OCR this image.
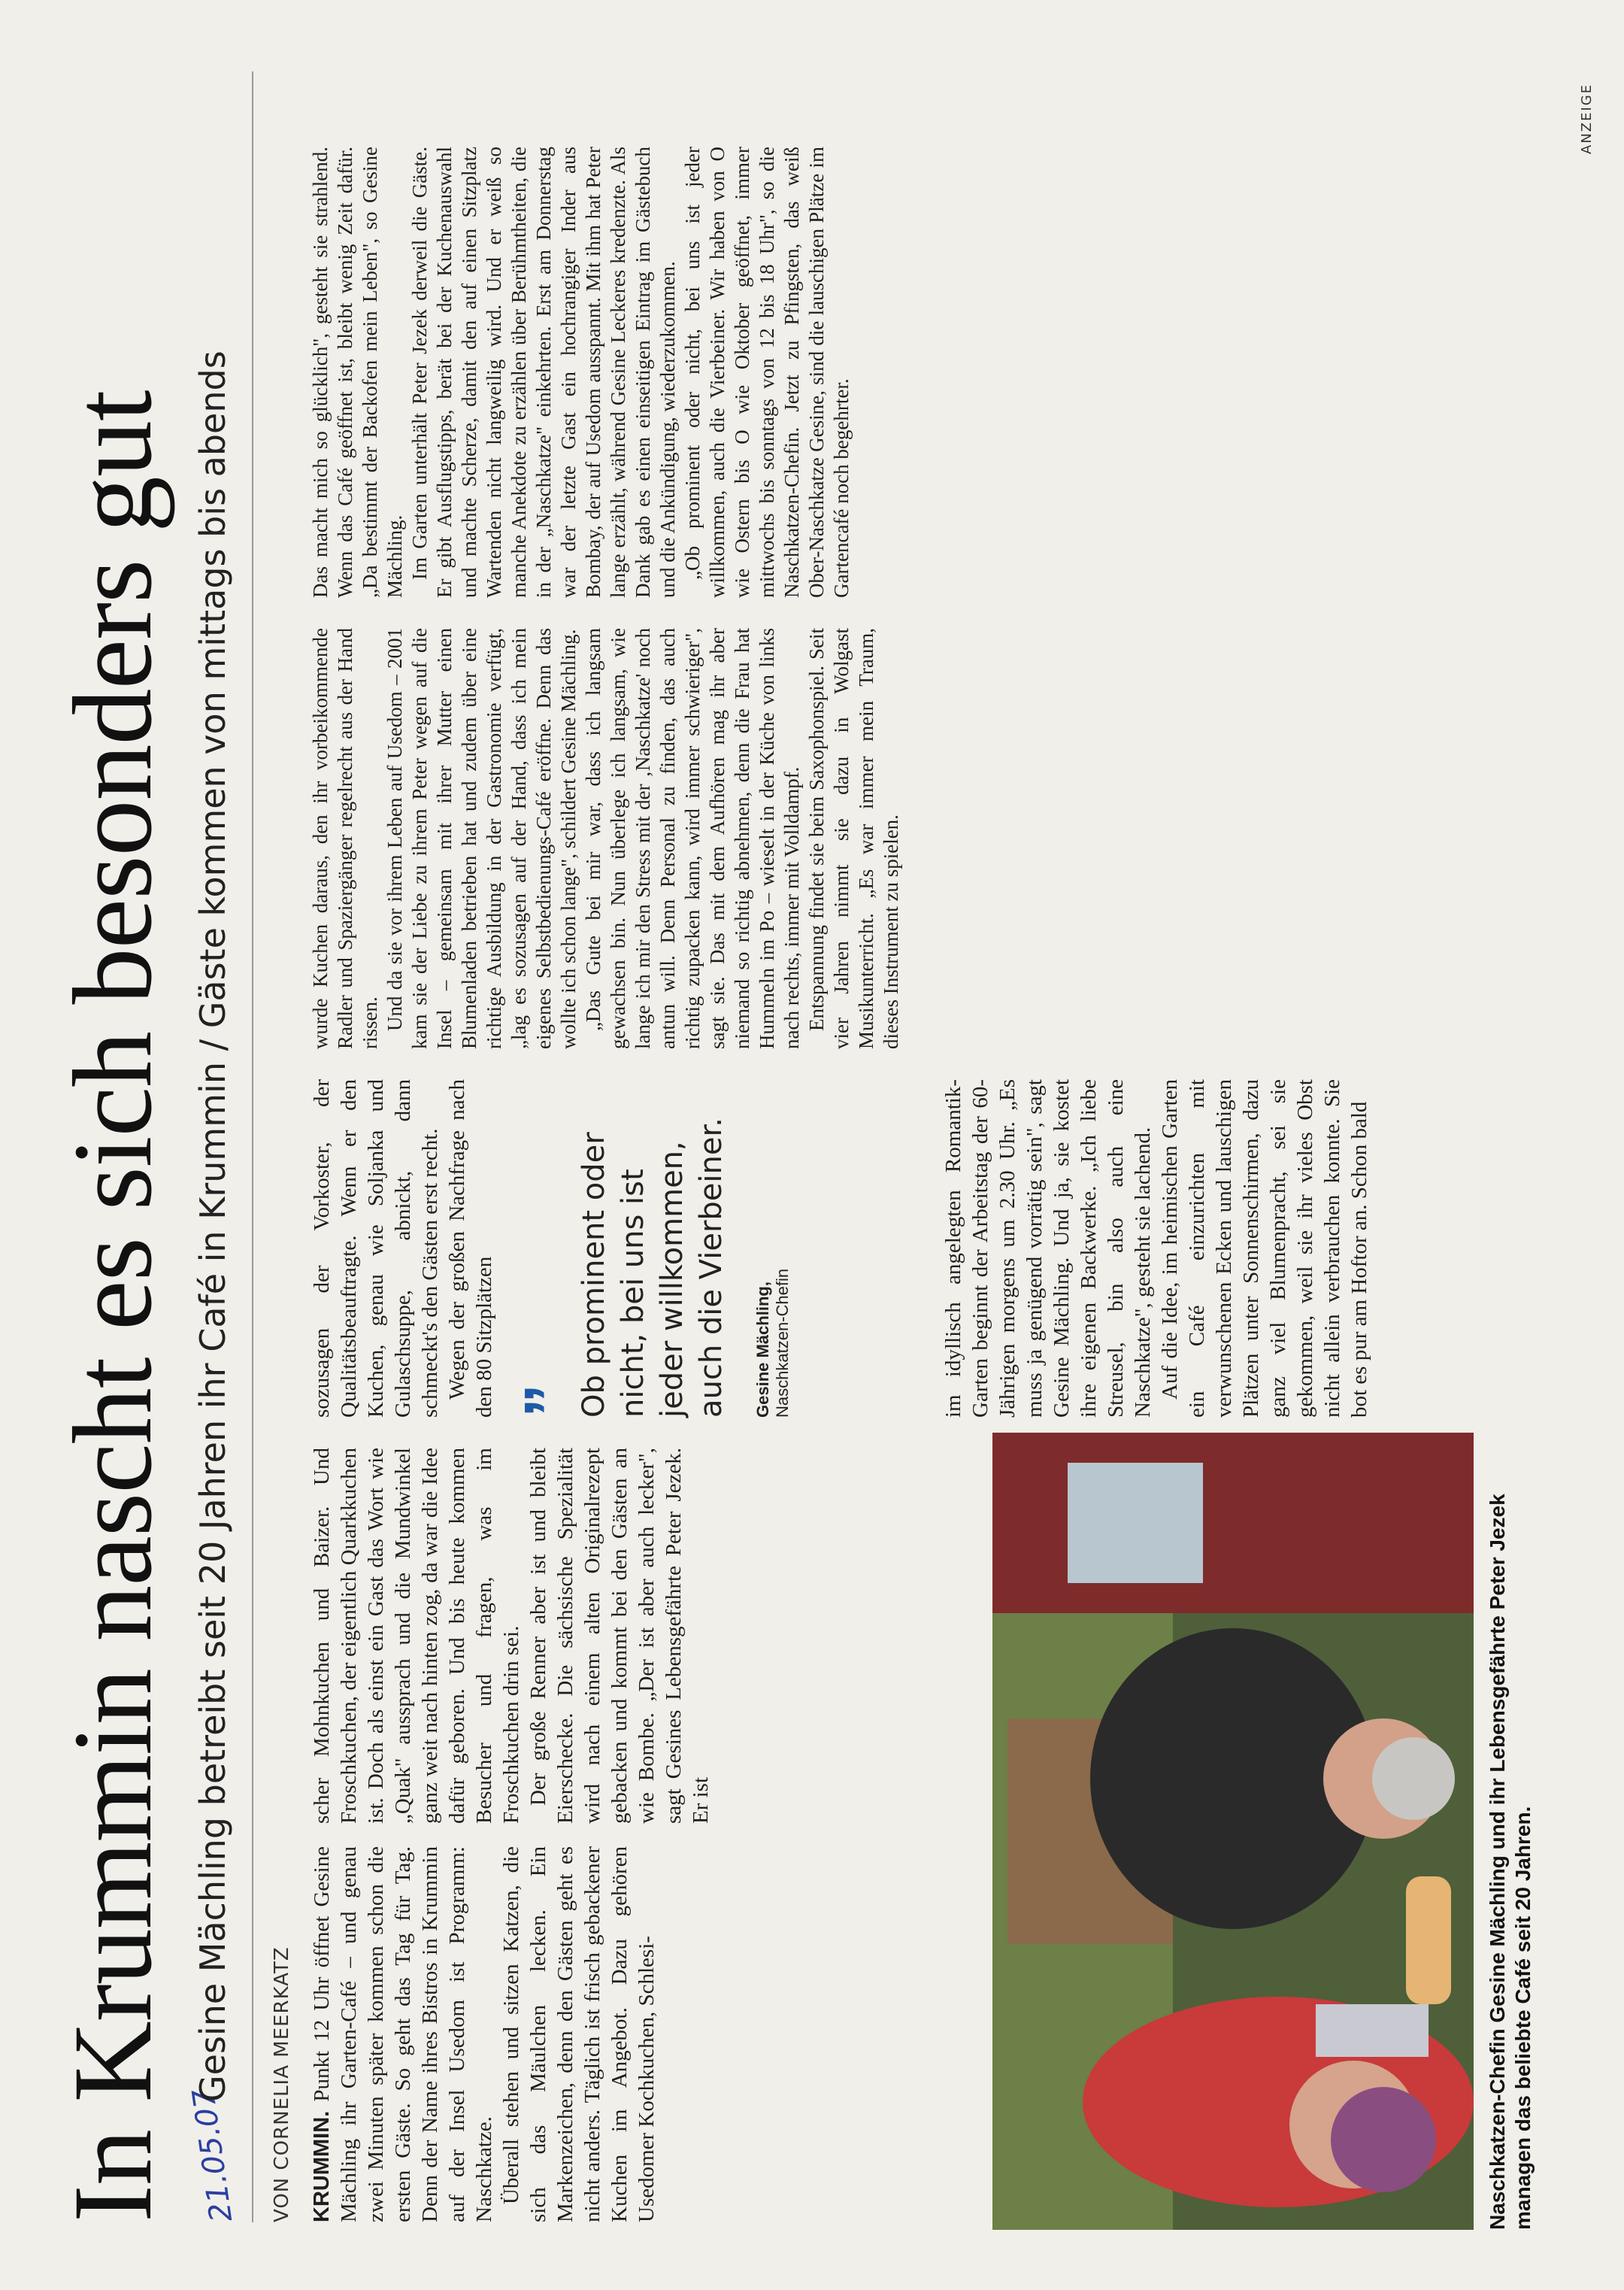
In Krummin nascht es sich besonders gut 21.05.07
Gesine Mächling betreibt seit 20 Jahren ihr Café in Krummin / Gäste kommen von mittags bis abends VON CORNELIA MEERKATZ KRUMMIN. Punkt 12 Uhr öffnet Gesine Mächling ihr Garten-Café – und genau zwei Minuten später kommen schon die ersten Gäste. So geht das Tag für Tag. Denn der Name ihres Bistros in Krummin auf der Insel Usedom ist Programm: Naschkatze. Überall stehen und sitzen Katzen, die sich das Mäulchen lecken. Ein Markenzeichen, denn den Gästen geht es nicht anders. Täglich ist frisch gebackener Kuchen im Angebot. Dazu gehören Usedomer Kochkuchen, Schlesi-

scher Mohnkuchen und Baizer. Und Froschkuchen, der eigentlich Quarkkuchen ist. Doch als einst ein Gast das Wort wie „Quak" aussprach und die Mundwinkel ganz weit nach hinten zog, da war die Idee dafür geboren. Und bis heute kommen Besucher und fragen, was im Froschkuchen drin sei. Der große Renner aber ist und bleibt Eierschecke. Die sächsische Spezialität wird nach einem alten Originalrezept gebacken und kommt bei den Gästen an wie Bombe. „Der ist aber auch lecker", sagt Gesines Lebensgefährte Peter Jezek. Er ist

sozusagen der Vorkoster, der Qualitätsbeauftragte. Wenn er den Kuchen, genau wie Soljanka und Gulaschsuppe, abnickt, dann schmeckt's den Gästen erst recht. Wegen der großen Nachfrage nach den 80 Sitzplätzen ”
Ob prominent oder nicht, bei uns ist jeder willkommen, auch die Vierbeiner. Gesine Mächling, Naschkatzen-Chefin	im idyllisch angelegten Romantik-Garten beginnt der Arbeitstag der 60-Jährigen morgens um 2.30 Uhr. „Es muss ja genügend vorrätig sein", sagt Gesine Mächling. Und ja, sie kostet ihre eigenen Backwerke. „Ich liebe Streusel, bin also auch eine Naschkatze", gesteht sie lachend. Auf die Idee, im heimischen Garten ein Café einzurichten mit verwunschenen Ecken und lauschigen Plätzen unter Sonnenschirmen, dazu ganz viel Blumenpracht, sei sie gekommen, weil sie ihr vieles Obst nicht allein verbrauchen konnte. Sie bot es pur am Hoftor an. Schon bald

wurde Kuchen daraus, den ihr vorbeikommende Radler und Spaziergänger regelrecht aus der Hand rissen. Und da sie vor ihrem Leben auf Usedom – 2001 kam sie der Liebe zu ihrem Peter wegen auf die Insel – gemeinsam mit ihrer Mutter einen Blumenladen betrieben hat und zudem über eine richtige Ausbildung in der Gastronomie verfügt, „lag es sozusagen auf der Hand, dass ich mein eigenes Selbstbedienungs-Café eröffne. Denn das wollte ich schon lange", schildert Gesine Mächling. „Das Gute bei mir war, dass ich langsam gewachsen bin. Nun überlege ich langsam, wie lange ich mir den Stress mit der ‚Naschkatze' noch antun will. Denn Personal zu finden, das auch richtig zupacken kann, wird immer schwieriger", sagt sie. Das mit dem Aufhören mag ihr aber niemand so richtig abnehmen, denn die Frau hat Hummeln im Po – wieselt in der Küche von links nach rechts, immer mit Volldampf. Entspannung findet sie beim Saxophonspiel. Seit vier Jahren nimmt sie dazu in Wolgast Musikunterricht. „Es war immer mein Traum, dieses Instrument zu spielen.

Das macht mich so glücklich", gesteht sie strahlend. Wenn das Café geöffnet ist, bleibt wenig Zeit dafür. „Da bestimmt der Backofen mein Leben", so Gesine Mächling. Im Garten unterhält Peter Jezek derweil die Gäste. Er gibt Ausflugstipps, berät bei der Kuchenauswahl und machte Scherze, damit den auf einen Sitzplatz Wartenden nicht langweilig wird. Und er weiß so manche Anekdote zu erzählen über Berühmtheiten, die in der „Naschkatze" einkehrten. Erst am Donnerstag war der letzte Gast ein hochrangiger Inder aus Bombay, der auf Usedom ausspannt. Mit ihm hat Peter lange erzählt, während Gesine Leckeres kredenzte. Als Dank gab es einen einseitigen Eintrag im Gästebuch und die Ankündigung, wiederzukommen. „Ob prominent oder nicht, bei uns ist jeder willkommen, auch die Vierbeiner. Wir haben von O wie Ostern bis O wie Oktober geöffnet, immer mittwochs bis sonntags von 12 bis 18 Uhr", so die Naschkatzen-Chefin. Jetzt zu Pfingsten, das weiß Ober-Naschkatze Gesine, sind die lauschigen Plätze im Gartencafé noch begehrter.

Naschkatzen-Chefin Gesine Mächling und ihr Lebensgefährte Peter Jezek managen das beliebte Café seit 20 Jahren.
ANZEIGE
